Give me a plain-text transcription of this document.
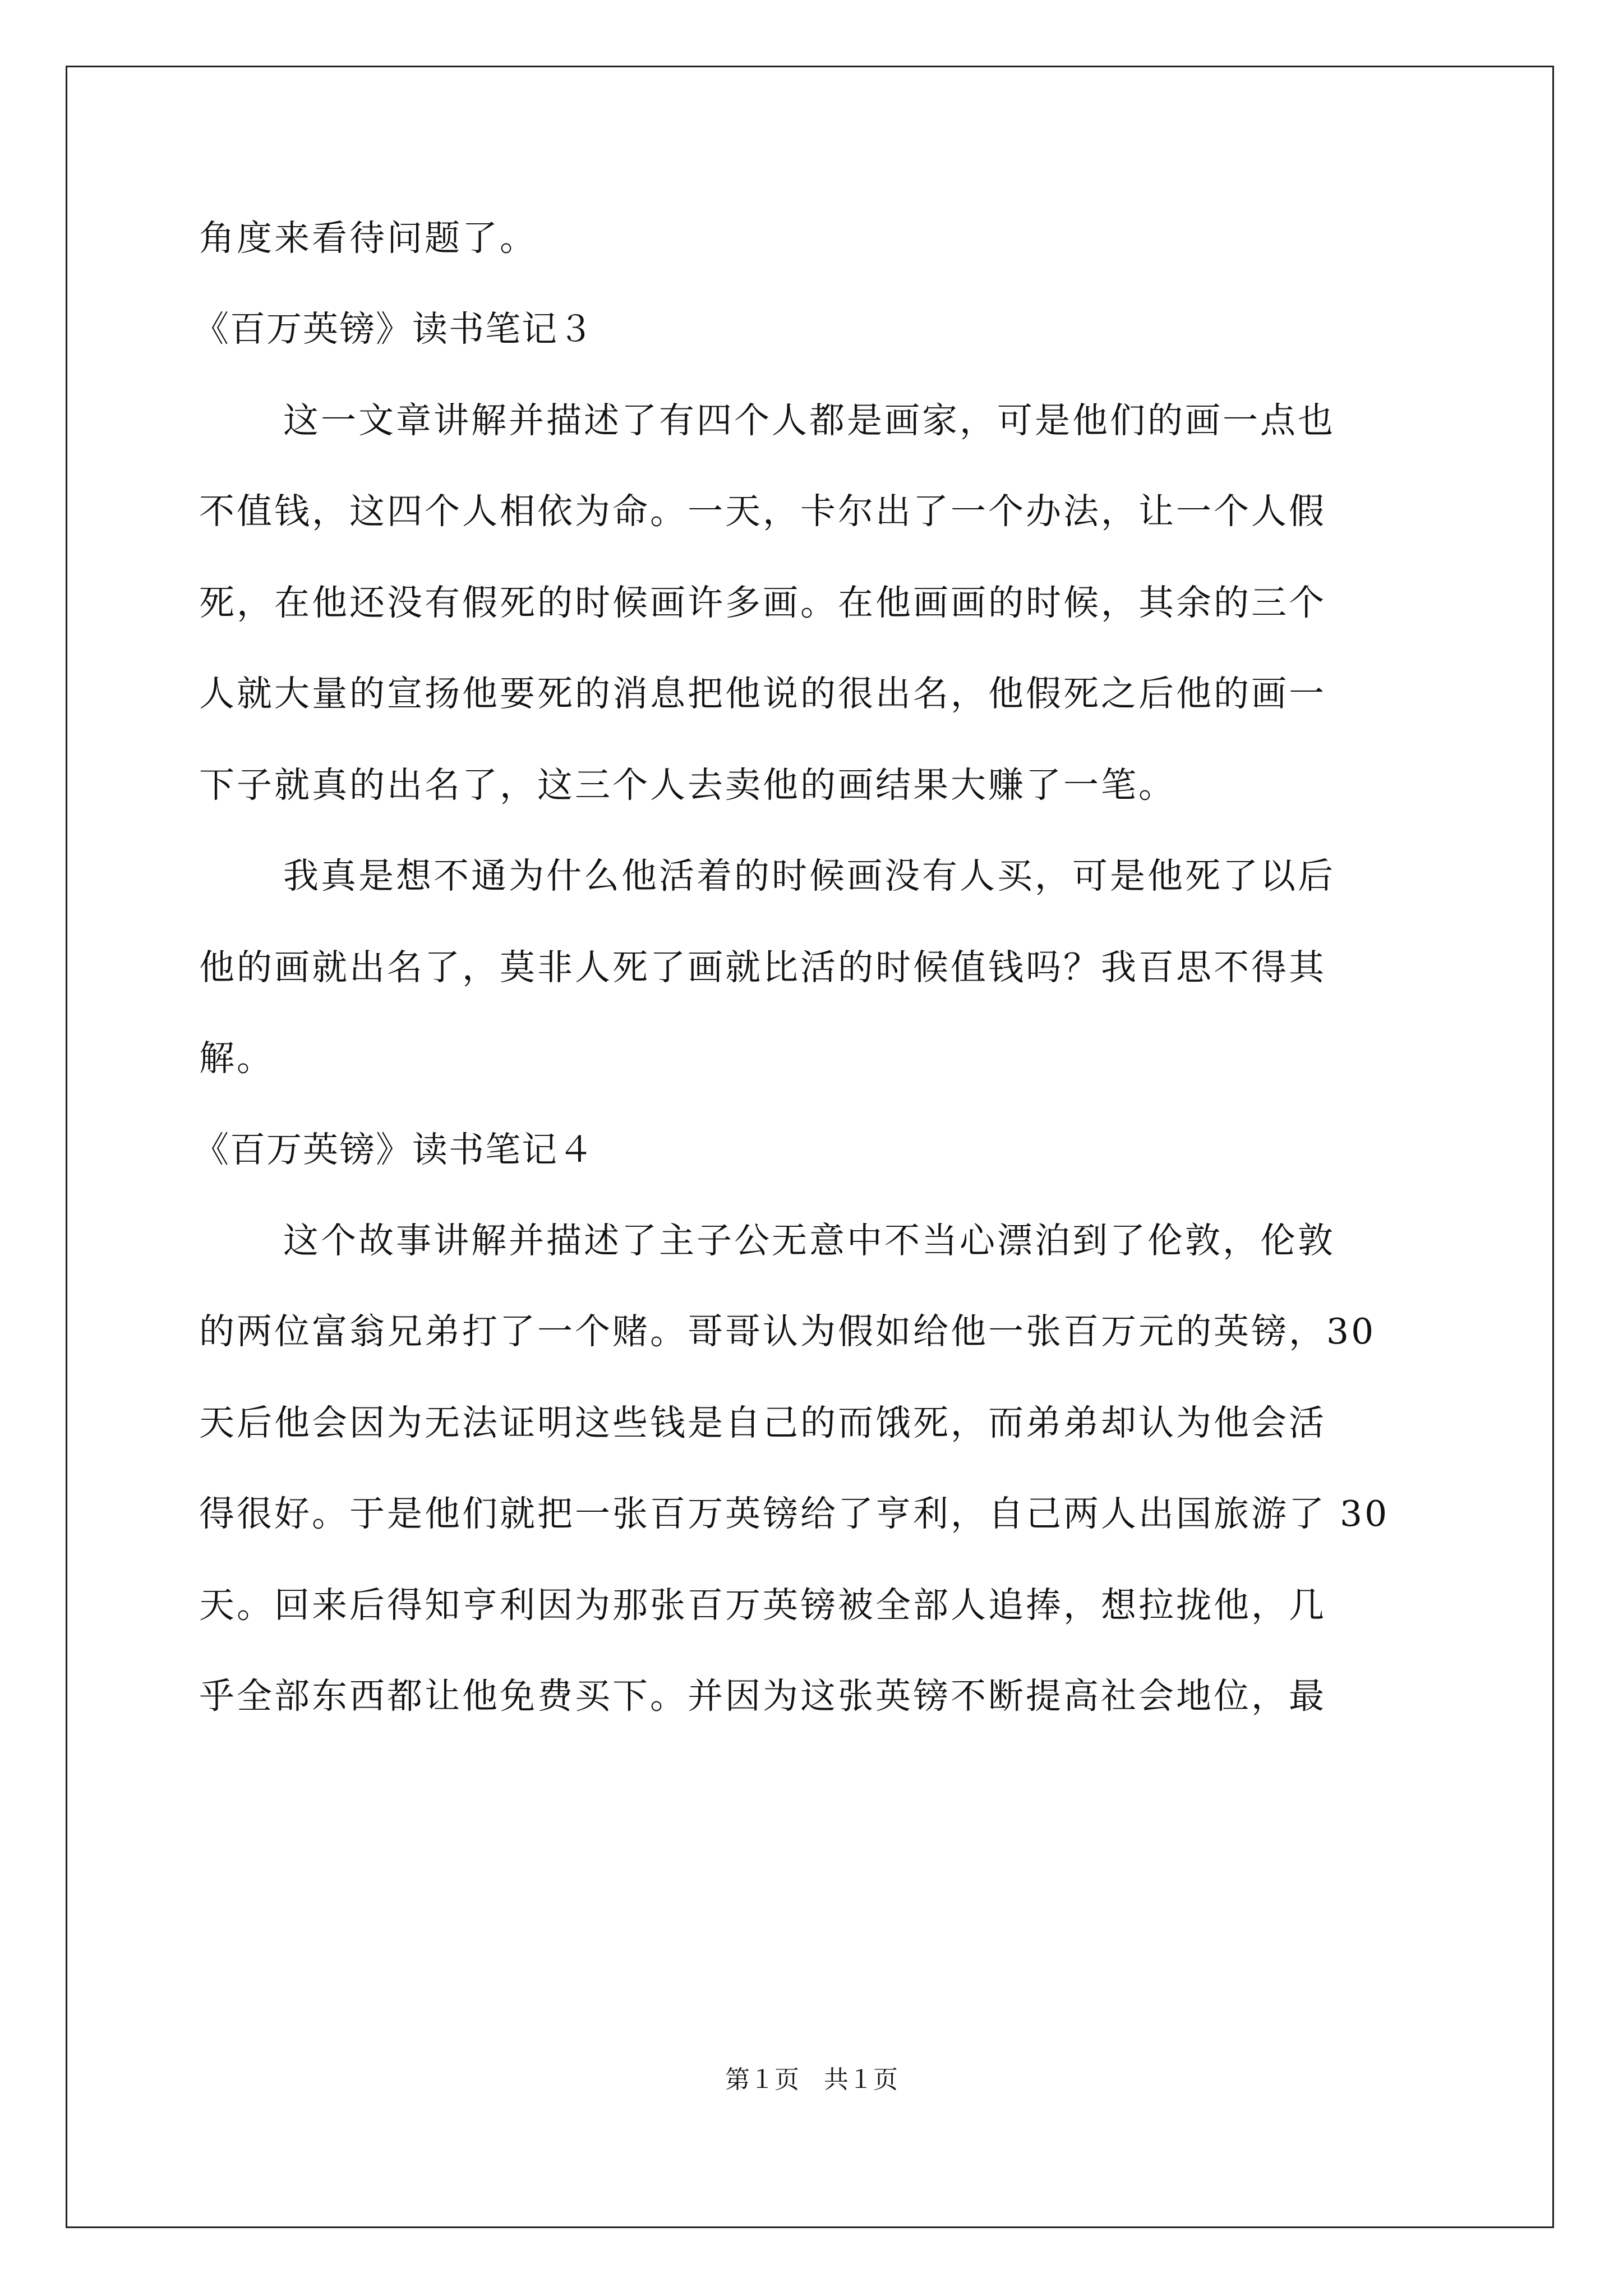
角度来看待问题了。
《百万英镑》读书笔记３
这一文章讲解并描述了有四个人都是画家，可是他们的画一点也
不值钱，这四个人相依为命。一天，卡尔出了一个办法，让一个人假
死，在他还没有假死的时候画许多画。在他画画的时候，其余的三个
人就大量的宣扬他要死的消息把他说的很出名，他假死之后他的画一
下子就真的出名了，这三个人去卖他的画结果大赚了一笔。
我真是想不通为什么他活着的时候画没有人买，可是他死了以后
他的画就出名了，莫非人死了画就比活的时候值钱吗？我百思不得其
解。
《百万英镑》读书笔记４
这个故事讲解并描述了主子公无意中不当心漂泊到了伦敦，伦敦
的两位富翁兄弟打了一个赌。哥哥认为假如给他一张百万元的英镑，30
天后他会因为无法证明这些钱是自己的而饿死，而弟弟却认为他会活
得很好。于是他们就把一张百万英镑给了亨利，自己两人出国旅游了 30
天。回来后得知亨利因为那张百万英镑被全部人追捧，想拉拢他，几
乎全部东西都让他免费买下。并因为这张英镑不断提高社会地位，最
第１页　共１页
